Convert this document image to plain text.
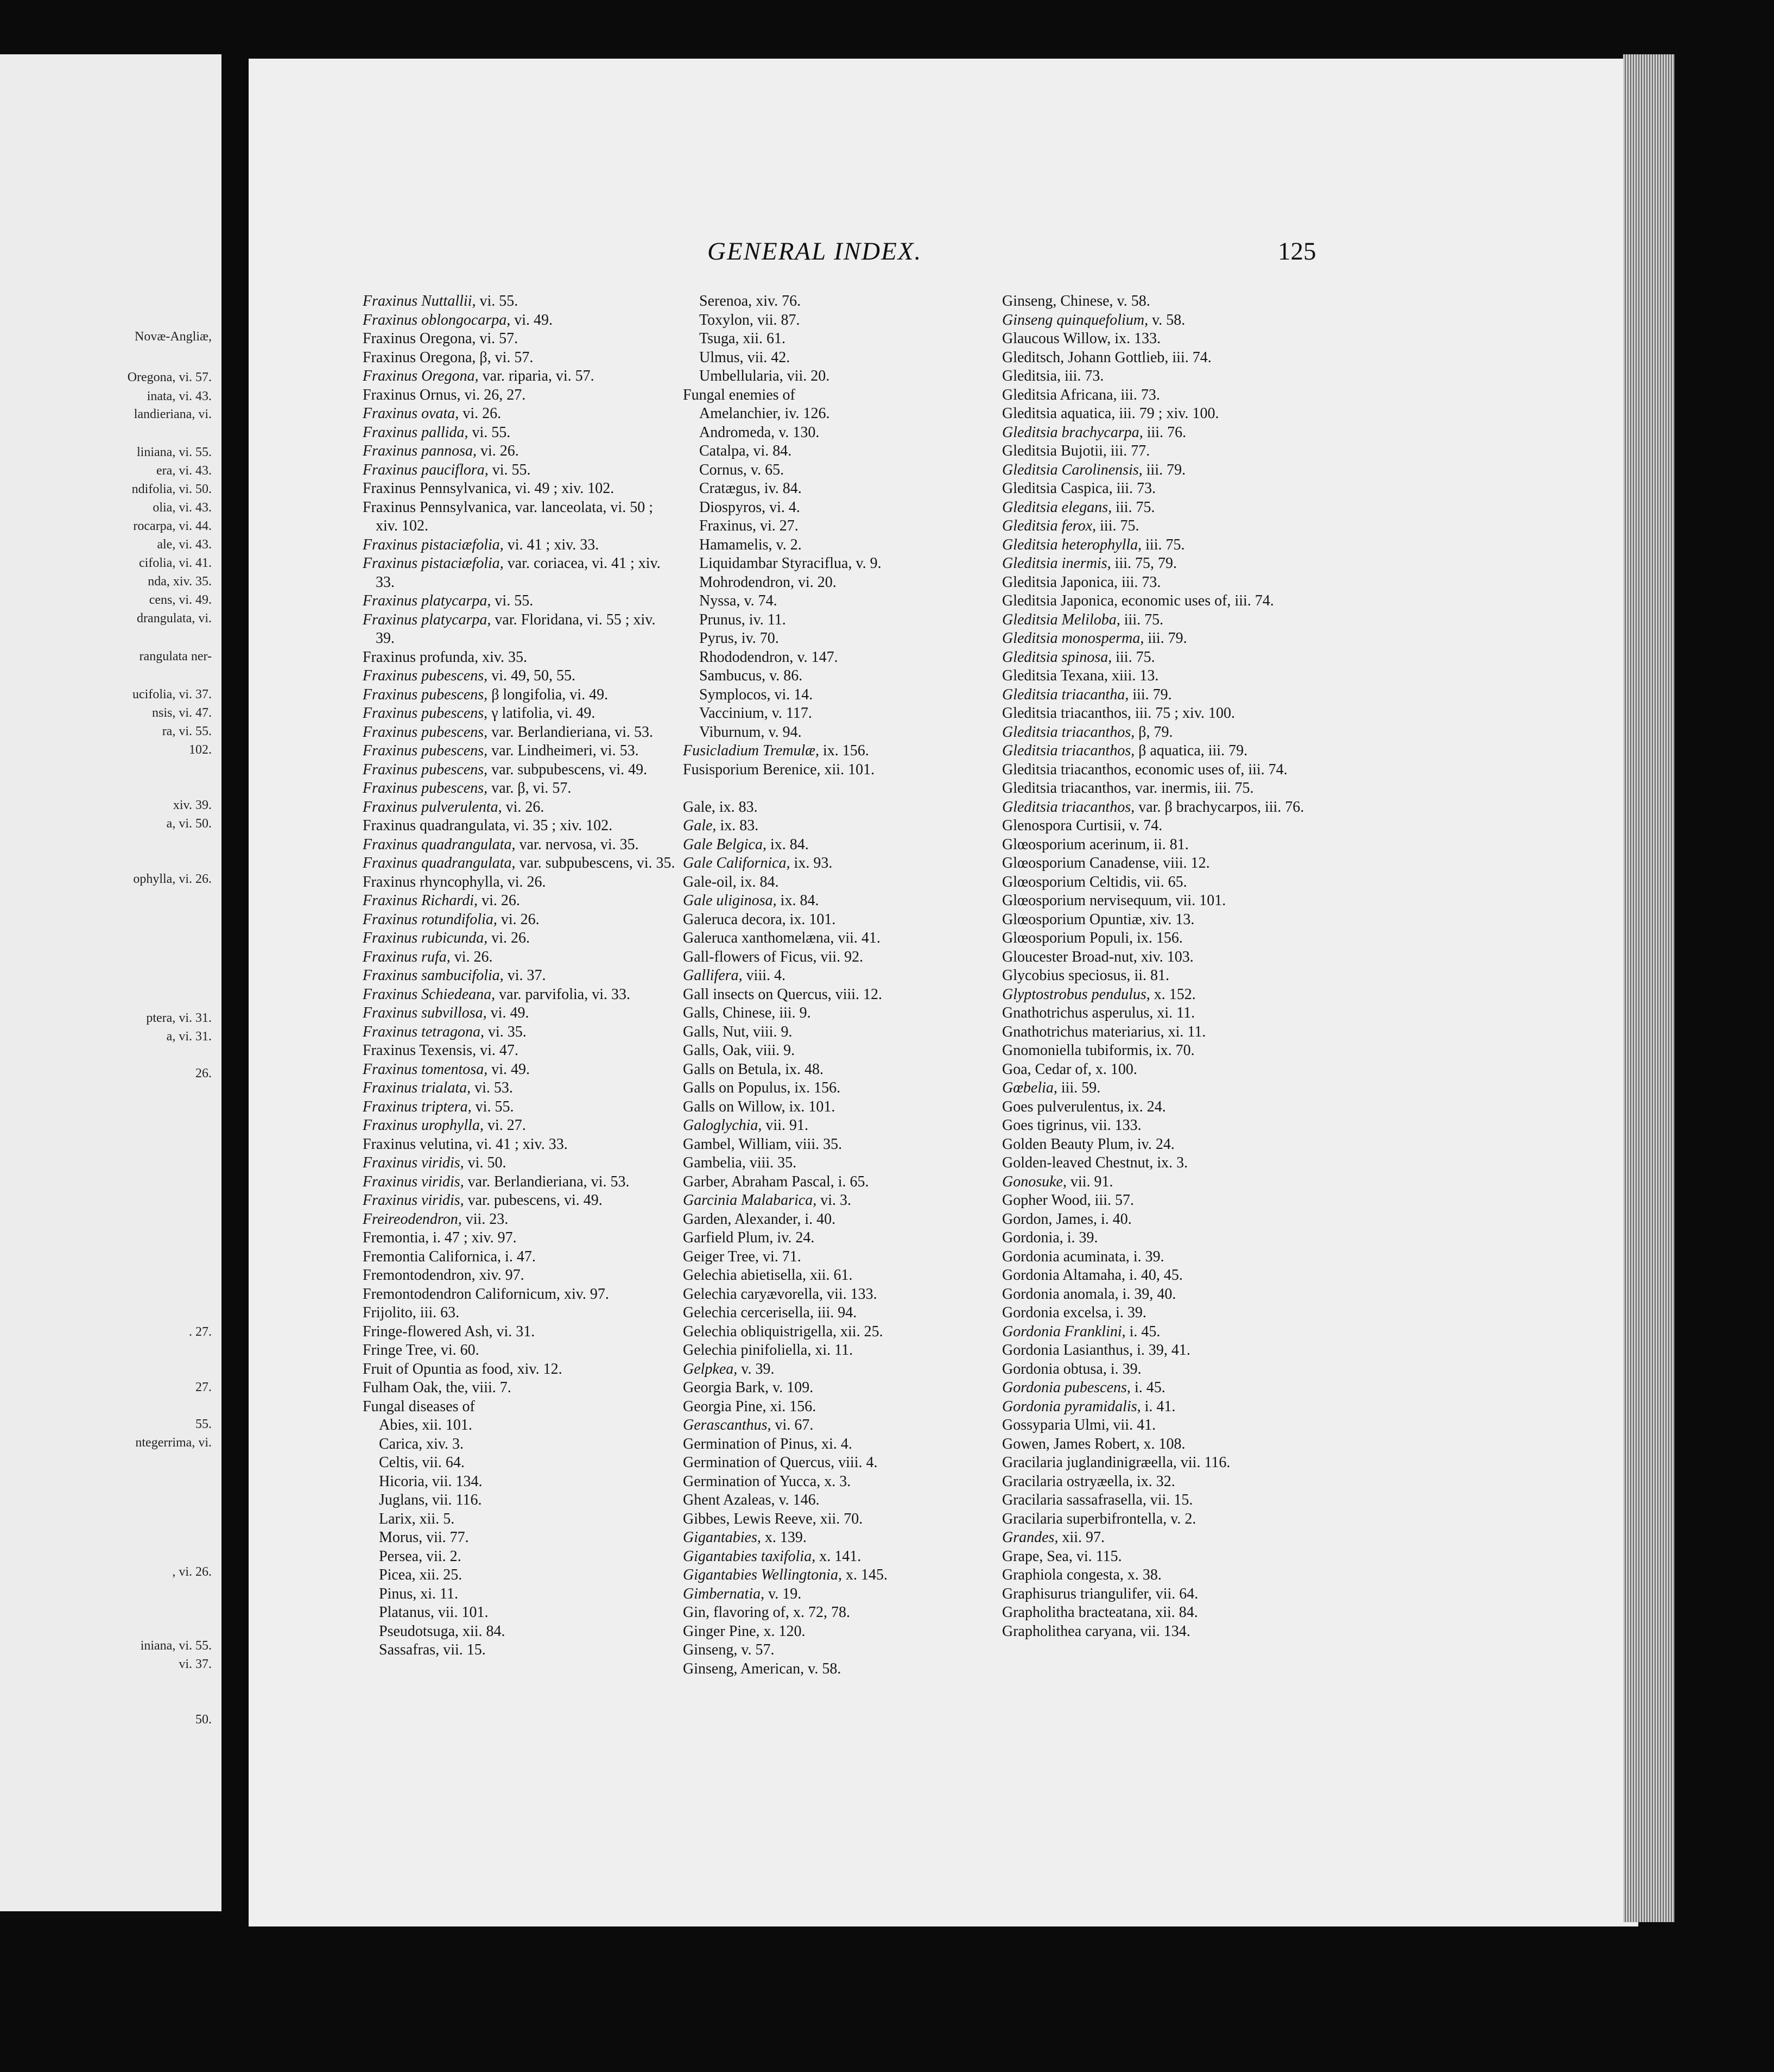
Novæ-Angliæ,
Oregona, vi. 57.
inata, vi. 43.
landieriana, vi.
liniana, vi. 55.
era, vi. 43.
ndifolia, vi. 50.
olia, vi. 43.
rocarpa, vi. 44.
ale, vi. 43.
cifolia, vi. 41.
nda, xiv. 35.
cens, vi. 49.
drangulata, vi.
rangulata ner-
ucifolia, vi. 37.
nsis, vi. 47.
ra, vi. 55.
102.
xiv. 39.
a, vi. 50.
ophylla, vi. 26.
ptera, vi. 31.
a, vi. 31.
26.
. 27.
27.
55.
ntegerrima, vi.
, vi. 26.
iniana, vi. 55.
vi. 37.
50.
GENERAL INDEX.	125
Fraxinus Nuttallii, vi. 55.
Fraxinus oblongocarpa, vi. 49.
Fraxinus Oregona, vi. 57.
Fraxinus Oregona, β, vi. 57.
Fraxinus Oregona, var. riparia, vi. 57.
Fraxinus Ornus, vi. 26, 27.
Fraxinus ovata, vi. 26.
Fraxinus pallida, vi. 55.
Fraxinus pannosa, vi. 26.
Fraxinus pauciflora, vi. 55.
Fraxinus Pennsylvanica, vi. 49 ; xiv. 102.
Fraxinus Pennsylvanica, var. lanceolata, vi. 50 ; xiv. 102.
Fraxinus pistaciæfolia, vi. 41 ; xiv. 33.
Fraxinus pistaciæfolia, var. coriacea, vi. 41 ; xiv. 33.
Fraxinus platycarpa, vi. 55.
Fraxinus platycarpa, var. Floridana, vi. 55 ; xiv. 39.
Fraxinus profunda, xiv. 35.
Fraxinus pubescens, vi. 49, 50, 55.
Fraxinus pubescens, β longifolia, vi. 49.
Fraxinus pubescens, γ latifolia, vi. 49.
Fraxinus pubescens, var. Berlandieriana, vi. 53.
Fraxinus pubescens, var. Lindheimeri, vi. 53.
Fraxinus pubescens, var. subpubescens, vi. 49.
Fraxinus pubescens, var. β, vi. 57.
Fraxinus pulverulenta, vi. 26.
Fraxinus quadrangulata, vi. 35 ; xiv. 102.
Fraxinus quadrangulata, var. nervosa, vi. 35.
Fraxinus quadrangulata, var. subpubescens, vi. 35.
Fraxinus rhyncophylla, vi. 26.
Fraxinus Richardi, vi. 26.
Fraxinus rotundifolia, vi. 26.
Fraxinus rubicunda, vi. 26.
Fraxinus rufa, vi. 26.
Fraxinus sambucifolia, vi. 37.
Fraxinus Schiedeana, var. parvifolia, vi. 33.
Fraxinus subvillosa, vi. 49.
Fraxinus tetragona, vi. 35.
Fraxinus Texensis, vi. 47.
Fraxinus tomentosa, vi. 49.
Fraxinus trialata, vi. 53.
Fraxinus triptera, vi. 55.
Fraxinus urophylla, vi. 27.
Fraxinus velutina, vi. 41 ; xiv. 33.
Fraxinus viridis, vi. 50.
Fraxinus viridis, var. Berlandieriana, vi. 53.
Fraxinus viridis, var. pubescens, vi. 49.
Freireodendron, vii. 23.
Fremontia, i. 47 ; xiv. 97.
Fremontia Californica, i. 47.
Fremontodendron, xiv. 97.
Fremontodendron Californicum, xiv. 97.
Frijolito, iii. 63.
Fringe-flowered Ash, vi. 31.
Fringe Tree, vi. 60.
Fruit of Opuntia as food, xiv. 12.
Fulham Oak, the, viii. 7.
Fungal diseases of
Abies, xii. 101.
Carica, xiv. 3.
Celtis, vii. 64.
Hicoria, vii. 134.
Juglans, vii. 116.
Larix, xii. 5.
Morus, vii. 77.
Persea, vii. 2.
Picea, xii. 25.
Pinus, xi. 11.
Platanus, vii. 101.
Pseudotsuga, xii. 84.
Sassafras, vii. 15.
Serenoa, xiv. 76.
Toxylon, vii. 87.
Tsuga, xii. 61.
Ulmus, vii. 42.
Umbellularia, vii. 20.
Fungal enemies of
Amelanchier, iv. 126.
Andromeda, v. 130.
Catalpa, vi. 84.
Cornus, v. 65.
Cratægus, iv. 84.
Diospyros, vi. 4.
Fraxinus, vi. 27.
Hamamelis, v. 2.
Liquidambar Styraciflua, v. 9.
Mohrodendron, vi. 20.
Nyssa, v. 74.
Prunus, iv. 11.
Pyrus, iv. 70.
Rhododendron, v. 147.
Sambucus, v. 86.
Symplocos, vi. 14.
Vaccinium, v. 117.
Viburnum, v. 94.
Fusicladium Tremulæ, ix. 156.
Fusisporium Berenice, xii. 101.
Gale, ix. 83.
Gale, ix. 83.
Gale Belgica, ix. 84.
Gale Californica, ix. 93.
Gale-oil, ix. 84.
Gale uliginosa, ix. 84.
Galeruca decora, ix. 101.
Galeruca xanthomelæna, vii. 41.
Gall-flowers of Ficus, vii. 92.
Gallifera, viii. 4.
Gall insects on Quercus, viii. 12.
Galls, Chinese, iii. 9.
Galls, Nut, viii. 9.
Galls, Oak, viii. 9.
Galls on Betula, ix. 48.
Galls on Populus, ix. 156.
Galls on Willow, ix. 101.
Galoglychia, vii. 91.
Gambel, William, viii. 35.
Gambelia, viii. 35.
Garber, Abraham Pascal, i. 65.
Garcinia Malabarica, vi. 3.
Garden, Alexander, i. 40.
Garfield Plum, iv. 24.
Geiger Tree, vi. 71.
Gelechia abietisella, xii. 61.
Gelechia caryævorella, vii. 133.
Gelechia cercerisella, iii. 94.
Gelechia obliquistrigella, xii. 25.
Gelechia pinifoliella, xi. 11.
Gelpkea, v. 39.
Georgia Bark, v. 109.
Georgia Pine, xi. 156.
Gerascanthus, vi. 67.
Germination of Pinus, xi. 4.
Germination of Quercus, viii. 4.
Germination of Yucca, x. 3.
Ghent Azaleas, v. 146.
Gibbes, Lewis Reeve, xii. 70.
Gigantabies, x. 139.
Gigantabies taxifolia, x. 141.
Gigantabies Wellingtonia, x. 145.
Gimbernatia, v. 19.
Gin, flavoring of, x. 72, 78.
Ginger Pine, x. 120.
Ginseng, v. 57.
Ginseng, American, v. 58.
Ginseng, Chinese, v. 58.
Ginseng quinquefolium, v. 58.
Glaucous Willow, ix. 133.
Gleditsch, Johann Gottlieb, iii. 74.
Gleditsia, iii. 73.
Gleditsia Africana, iii. 73.
Gleditsia aquatica, iii. 79 ; xiv. 100.
Gleditsia brachycarpa, iii. 76.
Gleditsia Bujotii, iii. 77.
Gleditsia Carolinensis, iii. 79.
Gleditsia Caspica, iii. 73.
Gleditsia elegans, iii. 75.
Gleditsia ferox, iii. 75.
Gleditsia heterophylla, iii. 75.
Gleditsia inermis, iii. 75, 79.
Gleditsia Japonica, iii. 73.
Gleditsia Japonica, economic uses of, iii. 74.
Gleditsia Meliloba, iii. 75.
Gleditsia monosperma, iii. 79.
Gleditsia spinosa, iii. 75.
Gleditsia Texana, xiii. 13.
Gleditsia triacantha, iii. 79.
Gleditsia triacanthos, iii. 75 ; xiv. 100.
Gleditsia triacanthos, β, 79.
Gleditsia triacanthos, β aquatica, iii. 79.
Gleditsia triacanthos, economic uses of, iii. 74.
Gleditsia triacanthos, var. inermis, iii. 75.
Gleditsia triacanthos, var. β brachycarpos, iii. 76.
Glenospora Curtisii, v. 74.
Glœosporium acerinum, ii. 81.
Glœosporium Canadense, viii. 12.
Glœosporium Celtidis, vii. 65.
Glœosporium nervisequum, vii. 101.
Glœosporium Opuntiæ, xiv. 13.
Glœosporium Populi, ix. 156.
Gloucester Broad-nut, xiv. 103.
Glycobius speciosus, ii. 81.
Glyptostrobus pendulus, x. 152.
Gnathotrichus asperulus, xi. 11.
Gnathotrichus materiarius, xi. 11.
Gnomoniella tubiformis, ix. 70.
Goa, Cedar of, x. 100.
Gœbelia, iii. 59.
Goes pulverulentus, ix. 24.
Goes tigrinus, vii. 133.
Golden Beauty Plum, iv. 24.
Golden-leaved Chestnut, ix. 3.
Gonosuke, vii. 91.
Gopher Wood, iii. 57.
Gordon, James, i. 40.
Gordonia, i. 39.
Gordonia acuminata, i. 39.
Gordonia Altamaha, i. 40, 45.
Gordonia anomala, i. 39, 40.
Gordonia excelsa, i. 39.
Gordonia Franklini, i. 45.
Gordonia Lasianthus, i. 39, 41.
Gordonia obtusa, i. 39.
Gordonia pubescens, i. 45.
Gordonia pyramidalis, i. 41.
Gossyparia Ulmi, vii. 41.
Gowen, James Robert, x. 108.
Gracilaria juglandinigræella, vii. 116.
Gracilaria ostryæella, ix. 32.
Gracilaria sassafrasella, vii. 15.
Gracilaria superbifrontella, v. 2.
Grandes, xii. 97.
Grape, Sea, vi. 115.
Graphiola congesta, x. 38.
Graphisurus triangulifer, vii. 64.
Grapholitha bracteatana, xii. 84.
Grapholithea caryana, vii. 134.
